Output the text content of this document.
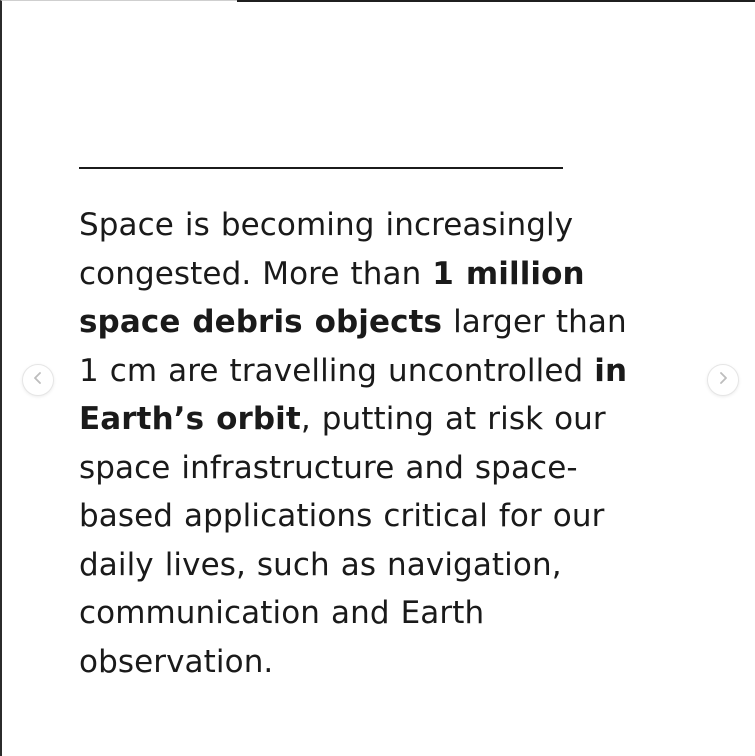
Space is becoming increasingly congested. More than 1 million space debris objects larger than 1 cm are travelling uncontrolled in Earth’s orbit, putting at risk our space infrastructure and space-based applications critical for our daily lives, such as navigation, communication and Earth observation.
